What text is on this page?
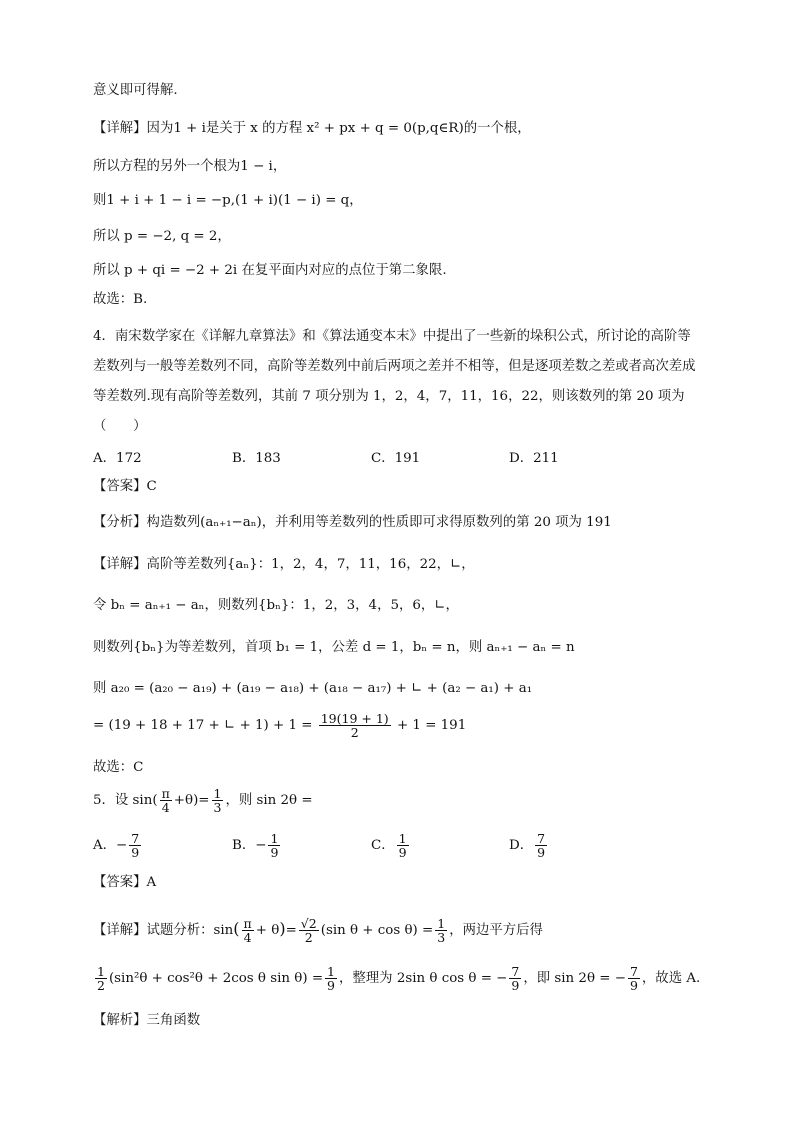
意义即可得解.
【详解】因为1 + i是关于 x 的方程 x² + px + q = 0(p,q∈R)的一个根，
所以方程的另外一个根为1 − i，
则1 + i + 1 − i = −p,(1 + i)(1 − i) = q，
所以 p = −2, q = 2，
所以 p + qi = −2 + 2i 在复平面内对应的点位于第二象限.
故选：B.
4．南宋数学家在《详解九章算法》和《算法通变本末》中提出了一些新的垛积公式，所讨论的高阶等差数列与一般等差数列不同，高阶等差数列中前后两项之差并不相等，但是逐项差数之差或者高次差成等差数列.现有高阶等差数列，其前 7 项分别为 1，2，4，7，11，16，22，则该数列的第 20 项为（　　）
A．172	B．183	C．191	D．211
【答案】C
【分析】构造数列(aₙ₊₁−aₙ)，并利用等差数列的性质即可求得原数列的第 20 项为 191
【详解】高阶等差数列{aₙ}：1，2，4，7，11，16，22，∟，
令 bₙ = aₙ₊₁ − aₙ，则数列{bₙ}：1，2，3，4，5，6，∟，
则数列{bₙ}为等差数列，首项 b₁ = 1，公差 d = 1，bₙ = n，则 aₙ₊₁ − aₙ = n
则 a₂₀ = (a₂₀ − a₁₉) + (a₁₉ − a₁₈) + (a₁₈ − a₁₇) + ∟ + (a₂ − a₁) + a₁
= (19 + 18 + 17 + ∟ + $1) + 1 = \frac{19(19 + 1)}{2} + 1 = 191$
故选：C
5．设 $\sin( \frac{\pi}{4} +\theta)= \frac{1}{3}$ ，则 sin 2θ =
A．− $\frac{7}{9}$	B．− $\frac{1}{9}$	C． $\frac{1}{9}$	D． $\frac{7}{9}$
【答案】A
【详解】试题分析：$\sin( \frac{\pi}{4} + \theta)= \frac{√2}{2} (\sin$ $\theta + \cos \theta) = \frac{1}{3}$ ，两边平方后得
$\frac{1}{2} (\sin^2\theta + \cos^2\theta + 2\cos$ θ $\sin \theta) = \frac{1}{9}$ ，整理为 2sin θ cos θ = − $\frac{7}{9}$ ，即 sin 2θ = − $\frac{7}{9}$ ，故选 A.
【解析】三角函数
